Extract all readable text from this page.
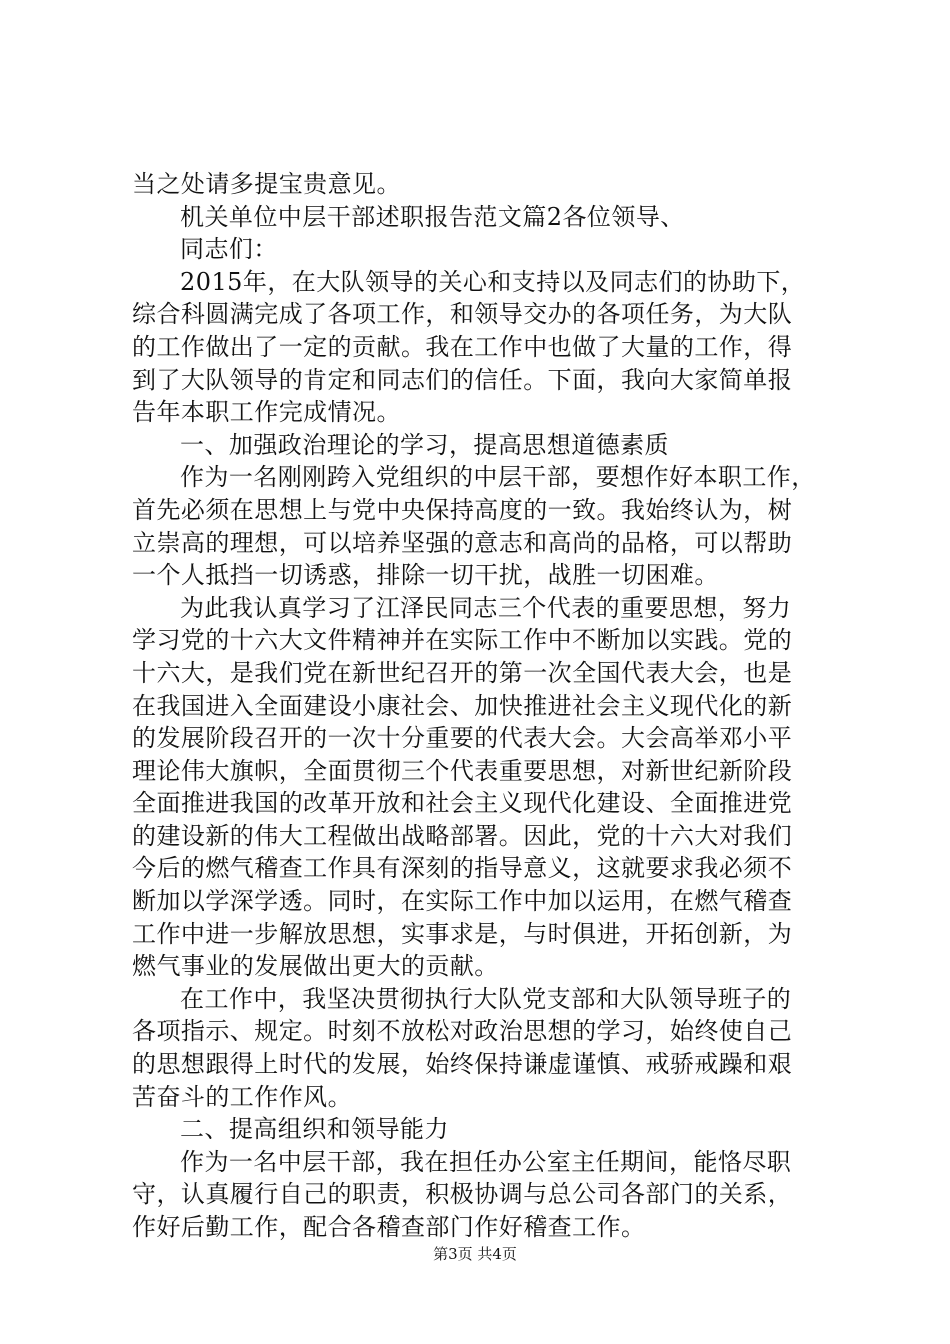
当之处请多提宝贵意见。
机关单位中层干部述职报告范文篇2各位领导、
同志们：
2015年，在大队领导的关心和支持以及同志们的协助下，
综合科圆满完成了各项工作，和领导交办的各项任务，为大队
的工作做出了一定的贡献。我在工作中也做了大量的工作，得
到了大队领导的肯定和同志们的信任。下面，我向大家简单报
告年本职工作完成情况。
一、加强政治理论的学习，提高思想道德素质
作为一名刚刚跨入党组织的中层干部，要想作好本职工作，
首先必须在思想上与党中央保持高度的一致。我始终认为，树
立崇高的理想，可以培养坚强的意志和高尚的品格，可以帮助
一个人抵挡一切诱惑，排除一切干扰，战胜一切困难。
为此我认真学习了江泽民同志三个代表的重要思想，努力
学习党的十六大文件精神并在实际工作中不断加以实践。党的
十六大，是我们党在新世纪召开的第一次全国代表大会，也是
在我国进入全面建设小康社会、加快推进社会主义现代化的新
的发展阶段召开的一次十分重要的代表大会。大会高举邓小平
理论伟大旗帜，全面贯彻三个代表重要思想，对新世纪新阶段
全面推进我国的改革开放和社会主义现代化建设、全面推进党
的建设新的伟大工程做出战略部署。因此，党的十六大对我们
今后的燃气稽查工作具有深刻的指导意义，这就要求我必须不
断加以学深学透。同时，在实际工作中加以运用，在燃气稽查
工作中进一步解放思想，实事求是，与时俱进，开拓创新，为
燃气事业的发展做出更大的贡献。
在工作中，我坚决贯彻执行大队党支部和大队领导班子的
各项指示、规定。时刻不放松对政治思想的学习，始终使自己
的思想跟得上时代的发展，始终保持谦虚谨慎、戒骄戒躁和艰
苦奋斗的工作作风。
二、提高组织和领导能力
作为一名中层干部，我在担任办公室主任期间，能恪尽职
守，认真履行自己的职责，积极协调与总公司各部门的关系，
作好后勤工作，配合各稽查部门作好稽查工作。
第3页 共4页
